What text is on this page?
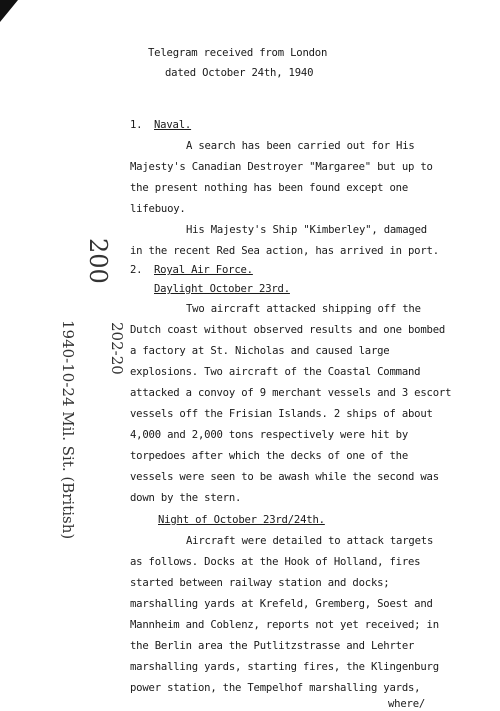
Telegram received from London
dated October 24th, 1940
1. Naval.
A search has been carried out for His
Majesty's Canadian Destroyer "Margaree" but up to
the present nothing has been found except one
lifebuoy.
His Majesty's Ship "Kimberley", damaged
in the recent Red Sea action, has arrived in port.
2. Royal Air Force.
Daylight October 23rd.
Two aircraft attacked shipping off the
Dutch coast without observed results and one bombed
a factory at St. Nicholas and caused large
explosions. Two aircraft of the Coastal Command
attacked a convoy of 9 merchant vessels and 3 escort
vessels off the Frisian Islands. 2 ships of about
4,000 and 2,000 tons respectively were hit by
torpedoes after which the decks of one of the
vessels were seen to be awash while the second was
down by the stern.
Night of October 23rd/24th.
Aircraft were detailed to attack targets
as follows. Docks at the Hook of Holland, fires
started between railway station and docks;
marshalling yards at Krefeld, Gremberg, Soest and
Mannheim and Coblenz, reports not yet received; in
the Berlin area the Putlitzstrasse and Lehrter
marshalling yards, starting fires, the Klingenburg
power station, the Tempelhof marshalling yards,
where/
200
1940-10-24 Mil. Sit. (British) 202-20
